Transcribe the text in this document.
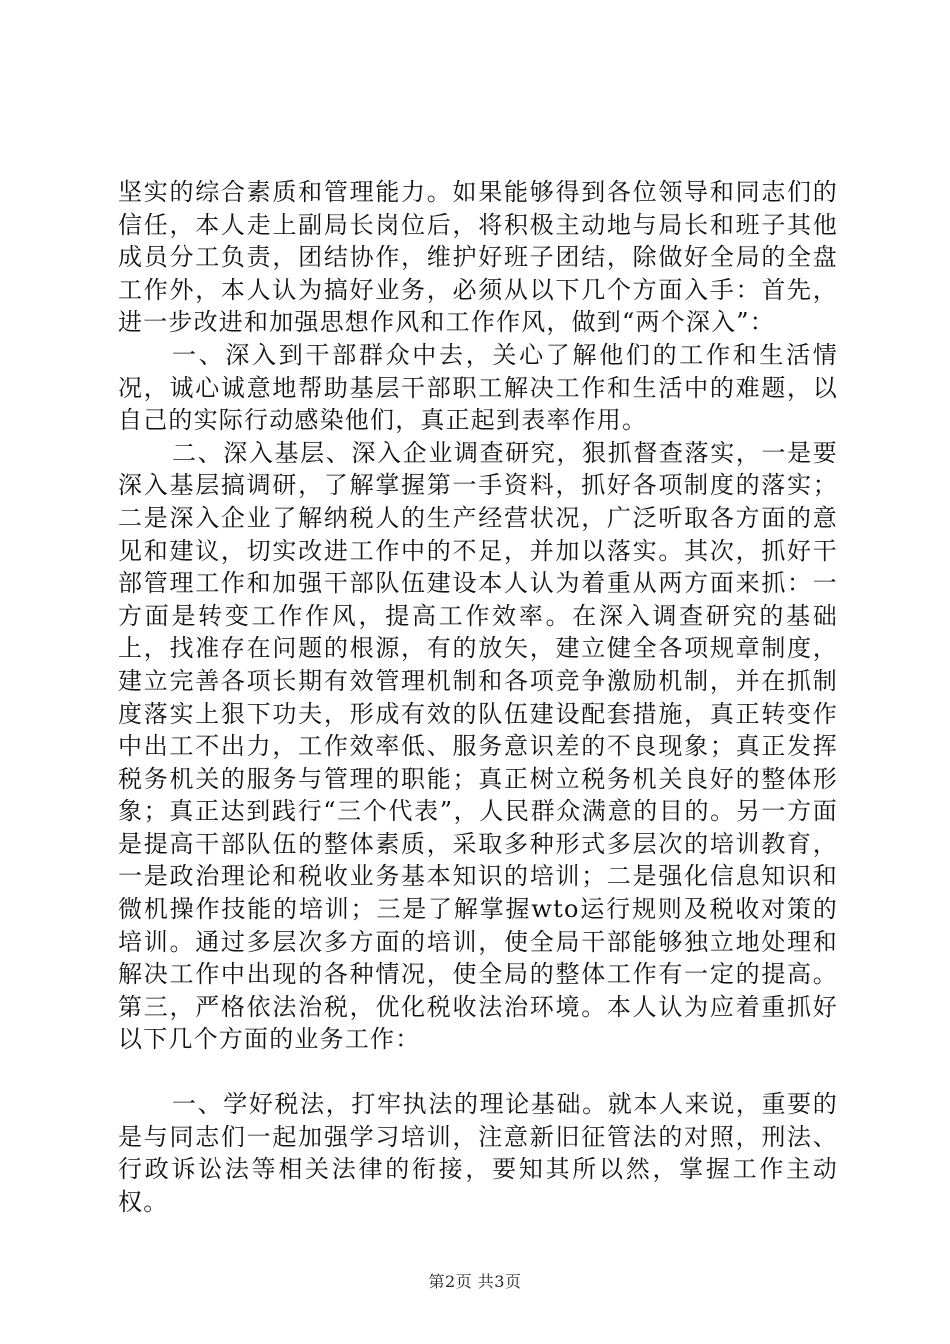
坚实的综合素质和管理能力。如果能够得到各位领导和同志们的信任，本人走上副局长岗位后，将积极主动地与局长和班子其他成员分工负责，团结协作，维护好班子团结，除做好全局的全盘工作外，本人认为搞好业务，必须从以下几个方面入手：首先，进一步改进和加强思想作风和工作作风，做到“两个深入”：

一、深入到干部群众中去，关心了解他们的工作和生活情况，诚心诚意地帮助基层干部职工解决工作和生活中的难题，以自己的实际行动感染他们，真正起到表率作用。

二、深入基层、深入企业调查研究，狠抓督查落实，一是要深入基层搞调研，了解掌握第一手资料，抓好各项制度的落实；二是深入企业了解纳税人的生产经营状况，广泛听取各方面的意见和建议，切实改进工作中的不足，并加以落实。其次，抓好干部管理工作和加强干部队伍建设本人认为着重从两方面来抓：一方面是转变工作作风，提高工作效率。在深入调查研究的基础上，找准存在问题的根源，有的放矢，建立健全各项规章制度，建立完善各项长期有效管理机制和各项竞争激励机制，并在抓制度落实上狠下功夫，形成有效的队伍建设配套措施，真正转变作中出工不出力，工作效率低、服务意识差的不良现象；真正发挥税务机关的服务与管理的职能；真正树立税务机关良好的整体形象；真正达到践行“三个代表”，人民群众满意的目的。另一方面是提高干部队伍的整体素质，采取多种形式多层次的培训教育，一是政治理论和税收业务基本知识的培训；二是强化信息知识和微机操作技能的培训；三是了解掌握wto运行规则及税收对策的培训。通过多层次多方面的培训，使全局干部能够独立地处理和解决工作中出现的各种情况，使全局的整体工作有一定的提高。第三，严格依法治税，优化税收法治环境。本人认为应着重抓好以下几个方面的业务工作：

一、学好税法，打牢执法的理论基础。就本人来说，重要的是与同志们一起加强学习培训，注意新旧征管法的对照，刑法、行政诉讼法等相关法律的衔接，要知其所以然，掌握工作主动权。

第2页 共3页
